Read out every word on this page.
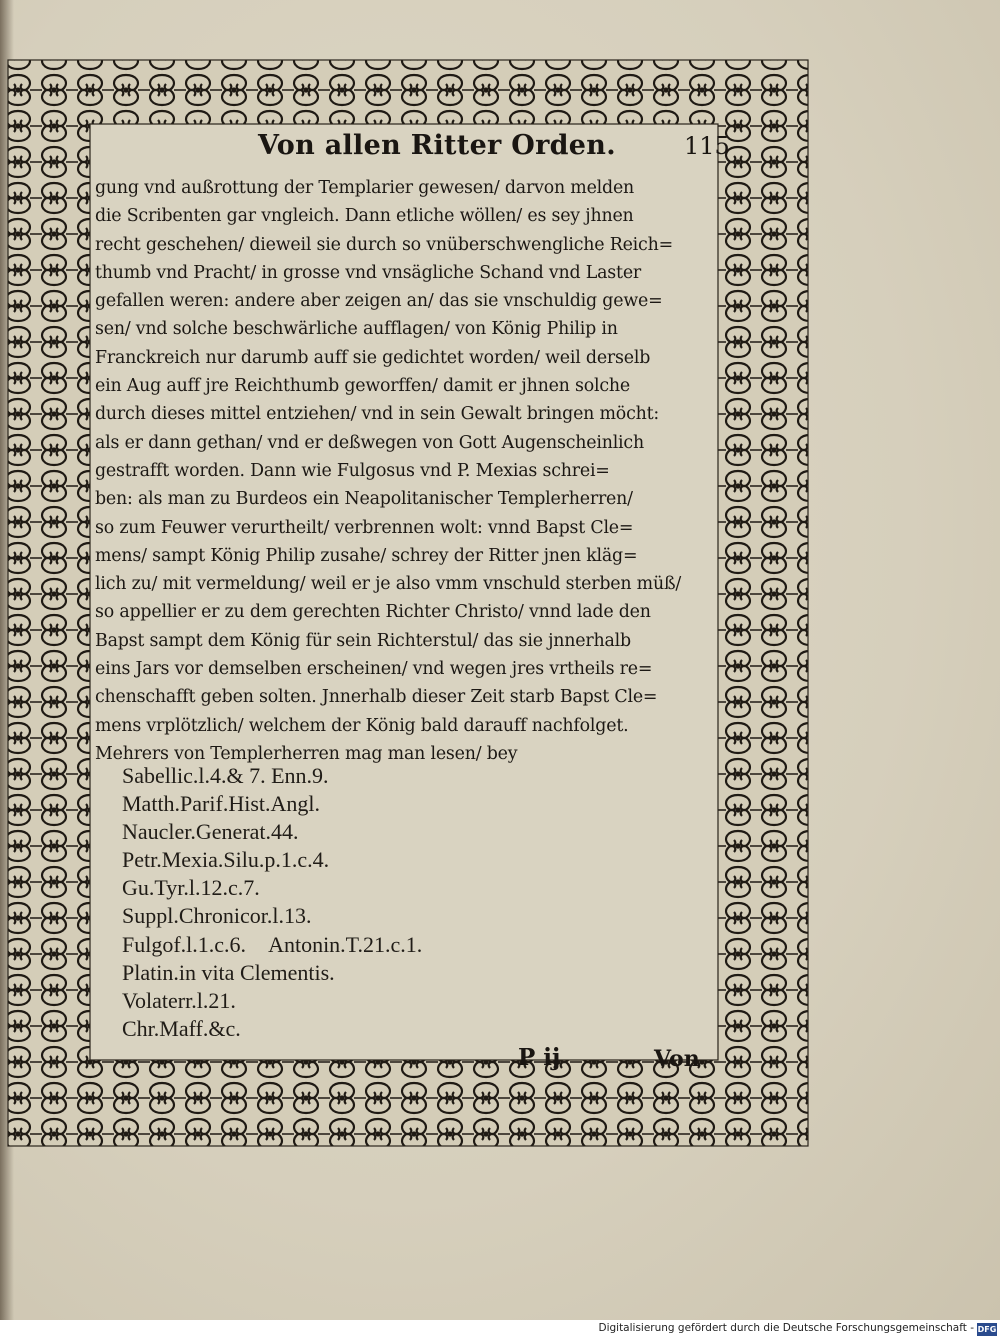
Von allen Ritter Orden.	115
gung vnd außrottung der Templarier gewesen/ darvon melden
die Scribenten gar vngleich. Dann etliche wöllen/ es sey jhnen
recht geschehen/ dieweil sie durch so vnüberschwengliche Reich=
thumb vnd Pracht/ in grosse vnd vnsägliche Schand vnd Laster
gefallen weren: andere aber zeigen an/ das sie vnschuldig gewe=
sen/ vnd solche beschwärliche aufflagen/ von König Philip in
Franckreich nur darumb auff sie gedichtet worden/ weil derselb
ein Aug auff jre Reichthumb geworffen/ damit er jhnen solche
durch dieses mittel entziehen/ vnd in sein Gewalt bringen möcht:
als er dann gethan/ vnd er deßwegen von Gott Augenscheinlich
gestrafft worden. Dann wie Fulgosus vnd P. Mexias schrei=
ben: als man zu Burdeos ein Neapolitanischer Templerherren/
so zum Feuwer verurtheilt/ verbrennen wolt: vnnd Bapst Cle=
mens/ sampt König Philip zusahe/ schrey der Ritter jnen kläg=
lich zu/ mit vermeldung/ weil er je also vmm vnschuld sterben müß/
so appellier er zu dem gerechten Richter Christo/ vnnd lade den
Bapst sampt dem König für sein Richterstul/ das sie jnnerhalb
eins Jars vor demselben erscheinen/ vnd wegen jres vrtheils re=
chenschafft geben solten. Jnnerhalb dieser Zeit starb Bapst Cle=
mens vrplötzlich/ welchem der König bald darauff nachfolget.
Mehrers von Templerherren mag man lesen/ bey
Sabellic.l.4.& 7. Enn.9.
Matth.Parif.Hist.Angl.
Naucler.Generat.44.
Petr.Mexia.Silu.p.1.c.4.
Gu.Tyr.l.12.c.7.
Suppl.Chronicor.l.13.
Fulgof.l.1.c.6. Antonin.T.21.c.1.
Platin.in vita Clementis.
Volaterr.l.21.
Chr.Maff.&c.
P ij	Von
Digitalisierung gefördert durch die Deutsche Forschungsgemeinschaft - DFG
